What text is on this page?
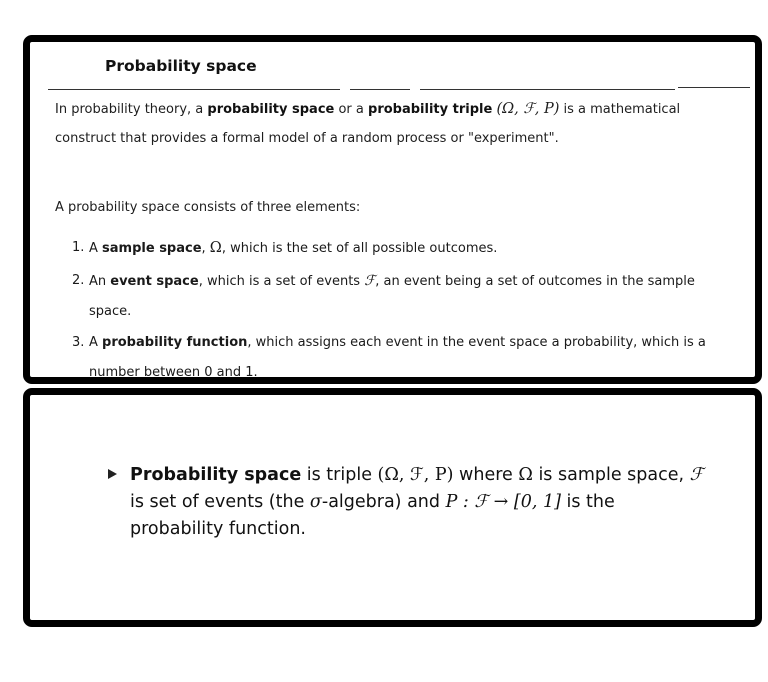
Probability space
In probability theory, a probability space or a probability triple (Ω, ℱ, P) is a mathematical construct that provides a formal model of a random process or "experiment".
A probability space consists of three elements:
1. A sample space, Ω, which is the set of all possible outcomes.
2. An event space, which is a set of events ℱ, an event being a set of outcomes in the sample space.
3. A probability function, which assigns each event in the event space a probability, which is a number between 0 and 1.
Probability space is triple (Ω, ℱ, P) where Ω is sample space, ℱ is set of events (the σ-algebra) and P : ℱ → [0, 1] is the probability function.
